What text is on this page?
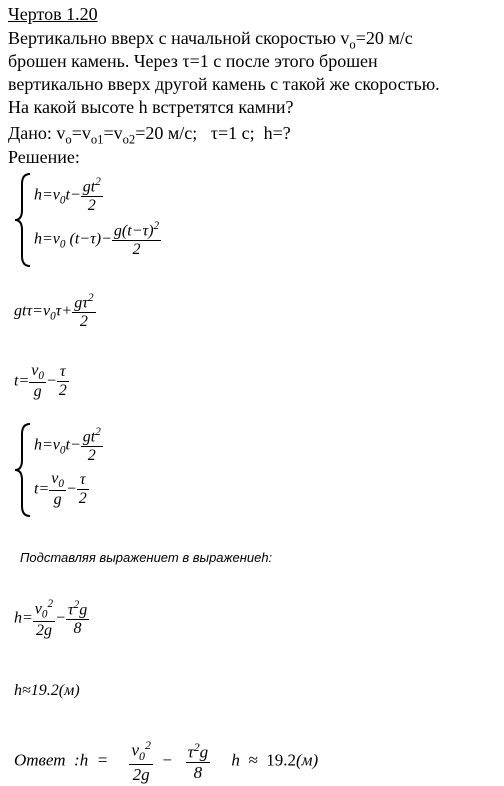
Чертов 1.20
Вертикально вверх с начальной скоростью $v_o=20$ м/с
брошен камень. Через τ=1 с после этого брошен
вертикально вверх другой камень с такой же скоростью.
На какой высоте h встретятся камни?
Дано: $v_o=v_{o1}=v_{o2}=20$ м/с; τ=1 с; h=?
Решение:
$h=v_0t- \frac{gt^2}{2}$
$h=v_0$ $(t-\tau)- \frac{g(t-\tau)^2}{2}$
$gt\tau=v_0\tau+ \frac{g\tau^2}{2}$
$t= \frac{v_0}{g} - \frac{\tau}{2}$
$h=v_0t- \frac{gt^2}{2}$
$t= \frac{v_0}{g} - \frac{\tau}{2}$
Подставляя выражениет в выражениеh:
$h= \frac{v_0^2}{2g} - \frac{\tau^2g}{8}$
h≈19.2(м)
Ответ :h  = $\frac{v_0^2}{2g} - \frac{\tau^2g}{8}$ h  ≈  19.2(м)
